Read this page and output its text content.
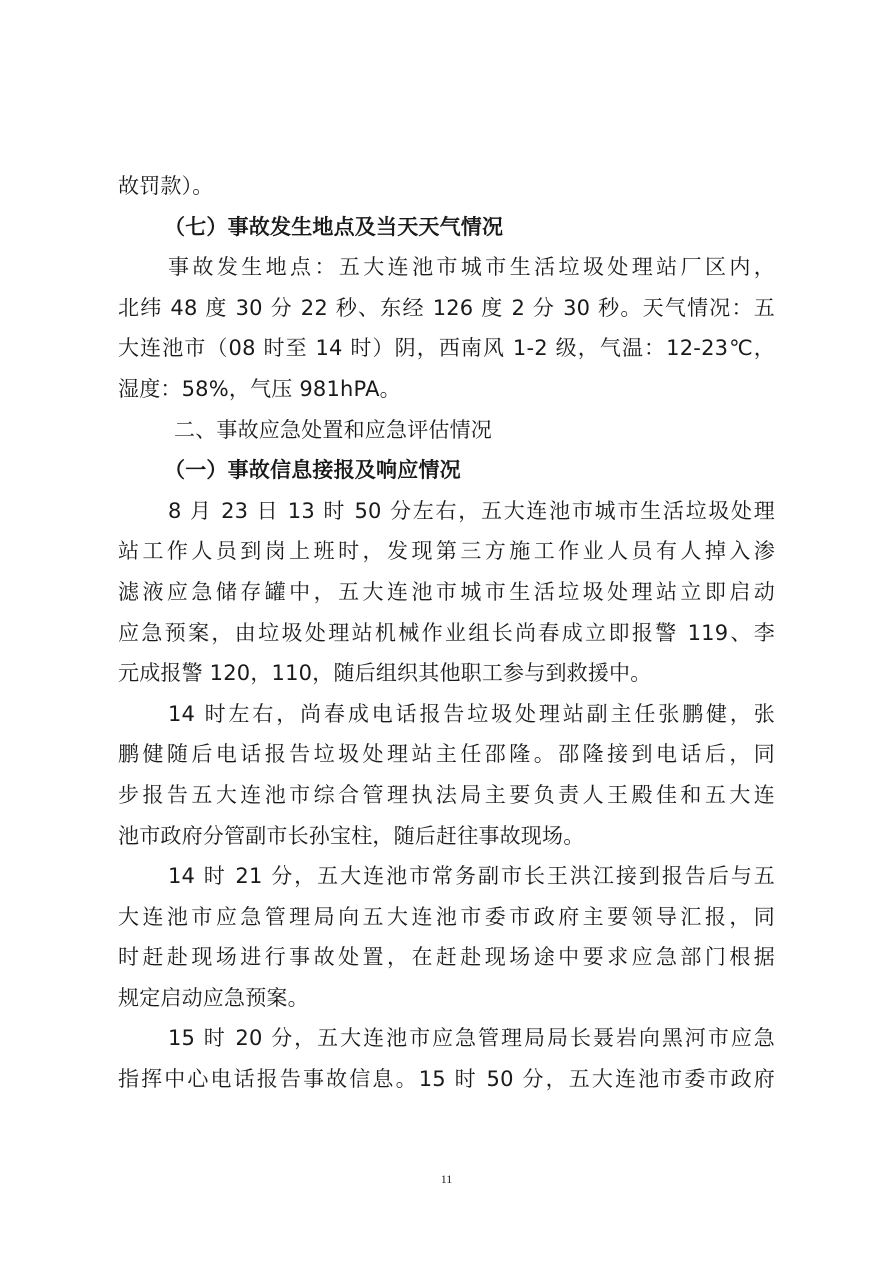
故罚款）。
（七）事故发生地点及当天天气情况
事故发生地点：五大连池市城市生活垃圾处理站厂区内，
北纬 48 度 30 分 22 秒、东经 126 度 2 分 30 秒。天气情况：五
大连池市（08 时至 14 时）阴，西南风 1-2 级，气温：12-23℃，
湿度：58%，气压 981hPA。
二、事故应急处置和应急评估情况
（一）事故信息接报及响应情况
8 月 23 日 13 时 50 分左右，五大连池市城市生活垃圾处理
站工作人员到岗上班时，发现第三方施工作业人员有人掉入渗
滤液应急储存罐中，五大连池市城市生活垃圾处理站立即启动
应急预案，由垃圾处理站机械作业组长尚春成立即报警 119、李
元成报警 120，110，随后组织其他职工参与到救援中。
14 时左右，尚春成电话报告垃圾处理站副主任张鹏健，张
鹏健随后电话报告垃圾处理站主任邵隆。邵隆接到电话后，同
步报告五大连池市综合管理执法局主要负责人王殿佳和五大连
池市政府分管副市长孙宝柱，随后赶往事故现场。
14 时 21 分，五大连池市常务副市长王洪江接到报告后与五
大连池市应急管理局向五大连池市委市政府主要领导汇报，同
时赶赴现场进行事故处置，在赶赴现场途中要求应急部门根据
规定启动应急预案。
15 时 20 分，五大连池市应急管理局局长聂岩向黑河市应急
指挥中心电话报告事故信息。15 时 50 分，五大连池市委市政府
11
